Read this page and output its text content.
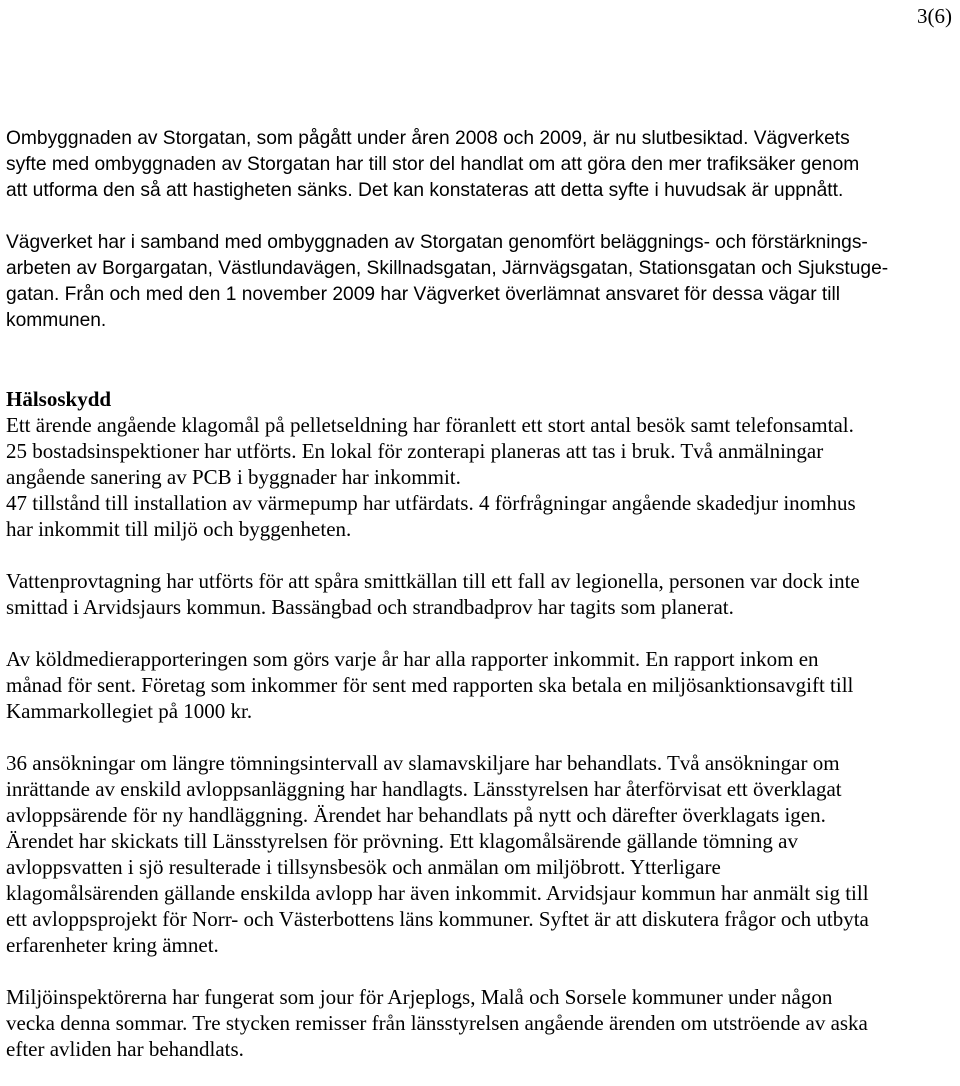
3(6)
Ombyggnaden av Storgatan, som pågått under åren 2008 och 2009, är nu slutbesiktad. Vägverkets
syfte med ombyggnaden av Storgatan har till stor del handlat om att göra den mer trafiksäker genom
att utforma den så att hastigheten sänks. Det kan konstateras att detta syfte i huvudsak är uppnått.
Vägverket har i samband med ombyggnaden av Storgatan genomfört beläggnings- och förstärknings-
arbeten av Borgargatan, Västlundavägen, Skillnadsgatan, Järnvägsgatan, Stationsgatan och Sjukstuge-
gatan. Från och med den 1 november 2009 har Vägverket överlämnat ansvaret för dessa vägar till
kommunen.
Hälsoskydd
Ett ärende angående klagomål på pelletseldning har föranlett ett stort antal besök samt telefonsamtal.
25 bostadsinspektioner har utförts. En lokal för zonterapi planeras att tas i bruk. Två anmälningar
angående sanering av PCB i byggnader har inkommit.
47 tillstånd till installation av värmepump har utfärdats. 4 förfrågningar angående skadedjur inomhus
har inkommit till miljö och byggenheten.
Vattenprovtagning har utförts för att spåra smittkällan till ett fall av legionella, personen var dock inte
smittad i Arvidsjaurs kommun. Bassängbad och strandbadprov har tagits som planerat.
Av köldmedierapporteringen som görs varje år har alla rapporter inkommit. En rapport inkom en
månad för sent. Företag som inkommer för sent med rapporten ska betala en miljösanktionsavgift till
Kammarkollegiet på 1000 kr.
36 ansökningar om längre tömningsintervall av slamavskiljare har behandlats. Två ansökningar om
inrättande av enskild avloppsanläggning har handlagts. Länsstyrelsen har återförvisat ett överklagat
avloppsärende för ny handläggning. Ärendet har behandlats på nytt och därefter överklagats igen.
Ärendet har skickats till Länsstyrelsen för prövning. Ett klagomålsärende gällande tömning av
avloppsvatten i sjö resulterade i tillsynsbesök och anmälan om miljöbrott. Ytterligare
klagomålsärenden gällande enskilda avlopp har även inkommit. Arvidsjaur kommun har anmält sig till
ett avloppsprojekt för Norr- och Västerbottens läns kommuner. Syftet är att diskutera frågor och utbyta
erfarenheter kring ämnet.
Miljöinspektörerna har fungerat som jour för Arjeplogs, Malå och Sorsele kommuner under någon
vecka denna sommar. Tre stycken remisser från länsstyrelsen angående ärenden om utströende av aska
efter avliden har behandlats.
